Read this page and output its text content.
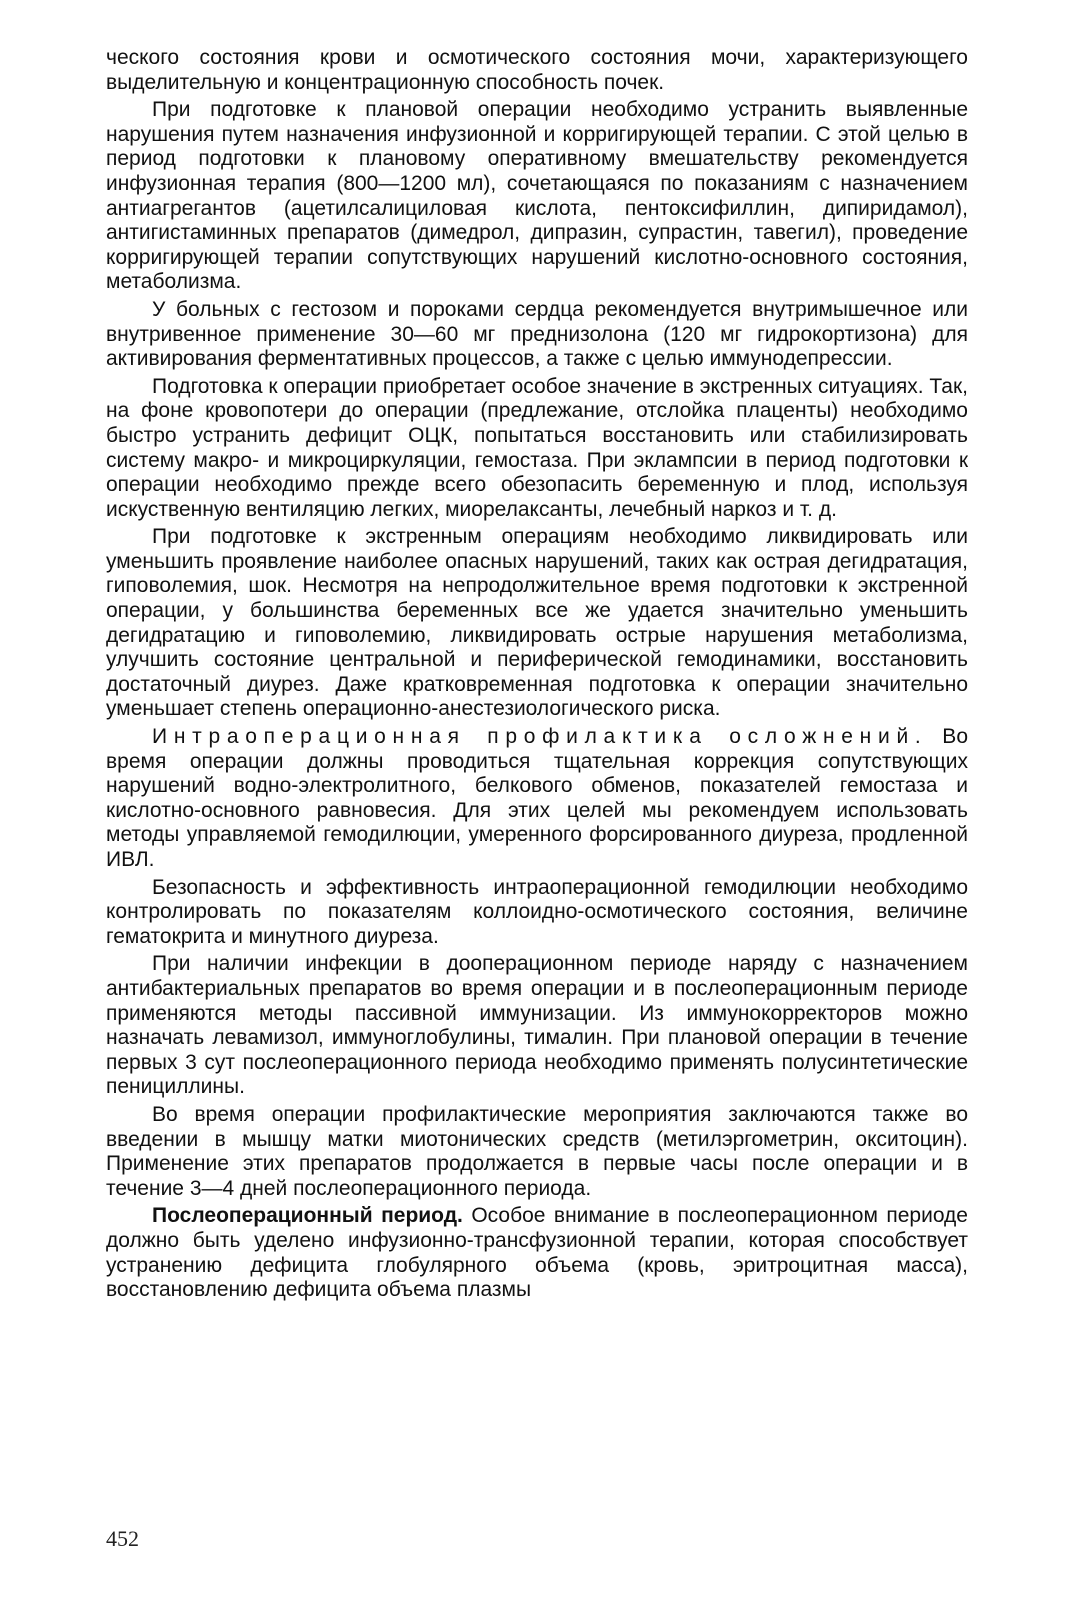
ческого состояния крови и осмотического состояния мочи, характеризующего выделительную и концентрационную способность почек.

При подготовке к плановой операции необходимо устранить выявленные нарушения путем назначения инфузионной и корригирующей терапии. С этой целью в период подготовки к плановому оперативному вмешательству рекомендуется инфузионная терапия (800—1200 мл), сочетающаяся по показаниям с назначением антиагрегантов (ацетилсалициловая кислота, пентоксифиллин, дипиридамол), антигистаминных препаратов (димедрол, дипразин, супрастин, тавегил), проведение корригирующей терапии сопутствующих нарушений кислотно-основного состояния, метаболизма.

У больных с гестозом и пороками сердца рекомендуется внутримышечное или внутривенное применение 30—60 мг преднизолона (120 мг гидрокортизона) для активирования ферментативных процессов, а также с целью иммунодепрессии.

Подготовка к операции приобретает особое значение в экстренных ситуациях. Так, на фоне кровопотери до операции (предлежание, отслойка плаценты) необходимо быстро устранить дефицит ОЦК, попытаться восстановить или стабилизировать систему макро- и микроциркуляции, гемостаза. При эклампсии в период подготовки к операции необходимо прежде всего обезопасить беременную и плод, используя искуственную вентиляцию легких, миорелаксанты, лечебный наркоз и т. д.

При подготовке к экстренным операциям необходимо ликвидировать или уменьшить проявление наиболее опасных нарушений, таких как острая дегидратация, гиповолемия, шок. Несмотря на непродолжительное время подготовки к экстренной операции, у большинства беременных все же удается значительно уменьшить дегидратацию и гиповолемию, ликвидировать острые нарушения метаболизма, улучшить состояние центральной и периферической гемодинамики, восстановить достаточный диурез. Даже кратковременная подготовка к операции значительно уменьшает степень операционно-анестезиологического риска.

Интраоперационная профилактика осложнений. Во время операции должны проводиться тщательная коррекция сопутствующих нарушений водно-электролитного, белкового обменов, показателей гемостаза и кислотно-основного равновесия. Для этих целей мы рекомендуем использовать методы управляемой гемодилюции, умеренного форсированного диуреза, продленной ИВЛ.

Безопасность и эффективность интраоперационной гемодилюции необходимо контролировать по показателям коллоидно-осмотического состояния, величине гематокрита и минутного диуреза.

При наличии инфекции в дооперационном периоде наряду с назначением антибактериальных препаратов во время операции и в послеоперационным периоде применяются методы пассивной иммунизации. Из иммунокорректоров можно назначать левамизол, иммуноглобулины, тималин. При плановой операции в течение первых 3 сут послеоперационного периода необходимо применять полусинтетические пенициллины.

Во время операции профилактические мероприятия заключаются также во введении в мышцу матки миотонических средств (метилэргометрин, окситоцин). Применение этих препаратов продолжается в первые часы после операции и в течение 3—4 дней послеоперационного периода.

Послеоперационный период. Особое внимание в послеоперационном периоде должно быть уделено инфузионно-трансфузионной терапии, которая способствует устранению дефицита глобулярного объема (кровь, эритроцитная масса), восстановлению дефицита объема плазмы

452
